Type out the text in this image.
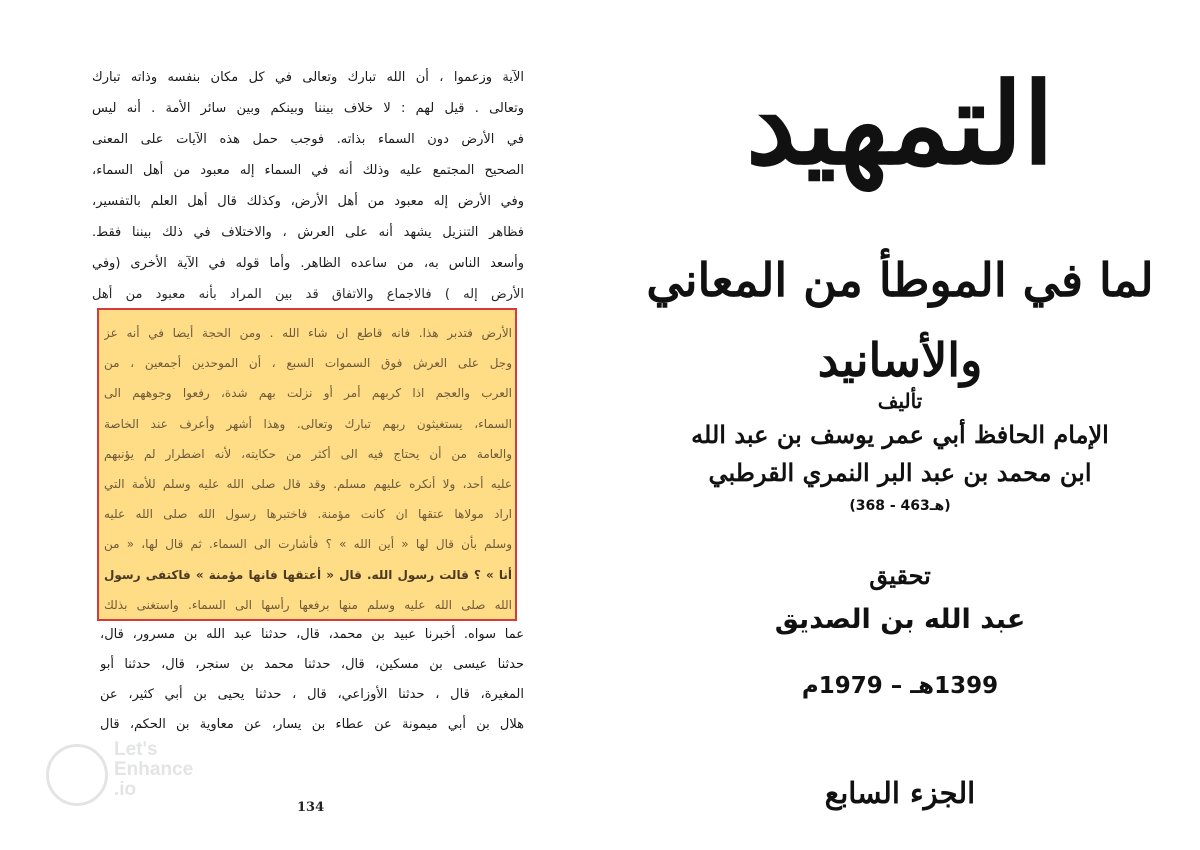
الآية وزعموا ، أن الله تبارك وتعالى في كل مكان بنفسه وذاته تبارك
وتعالى . قيل لهم : لا خلاف بيننا وبينكم وبين سائر الأمة . أنه ليس
في الأرض دون السماء بذاته. فوجب حمل هذه الآيات على المعنى
الصحيح المجتمع عليه وذلك أنه في السماء إله معبود من أهل السماء،
وفي الأرض إله معبود من أهل الأرض، وكذلك قال أهل العلم بالتفسير،
فظاهر التنزيل يشهد أنه على العرش ، والاختلاف في ذلك بيننا فقط.
وأسعد الناس به، من ساعده الظاهر. وأما قوله في الآية الأخرى (وفي
الأرض إله ) فالاجماع والاتفاق قد بين المراد بأنه معبود من أهل
الأرض فتدبر هذا. فانه قاطع ان شاء الله . ومن الحجة أيضا في أنه عز
وجل على العرش فوق السموات السبع ، أن الموحدين أجمعين ، من
العرب والعجم اذا كربهم أمر أو نزلت بهم شدة، رفعوا وجوههم الى
السماء، يستغيثون ربهم تبارك وتعالى. وهذا أشهر وأعرف عند الخاصة
والعامة من أن يحتاج فيه الى أكثر من حكايته، لأنه اضطرار لم يؤنبهم
عليه أحد، ولا أنكره عليهم مسلم. وقد قال صلى الله عليه وسلم للأمة التي
اراد مولاها عتقها ان كانت مؤمنة. فاختبرها رسول الله صلى الله عليه
وسلم بأن قال لها « أين الله » ؟ فأشارت الى السماء. ثم قال لها، « من
أنا » ؟ قالت رسول الله. قال « أعتقها فانها مؤمنة » فاكتفى رسول
الله صلى الله عليه وسلم منها برفعها رأسها الى السماء. واستغنى بذلك
عما سواه. أخبرنا عبيد بن محمد، قال، حدثنا عبد الله بن مسرور، قال،
حدثنا عيسى بن مسكين، قال، حدثنا محمد بن سنجر، قال، حدثنا أبو
المغيرة، قال ، حدثنا الأوزاعي، قال ، حدثنا يحيى بن أبي كثير، عن
هلال بن أبي ميمونة عن عطاء بن يسار، عن معاوية بن الحكم، قال
134
Let's
Enhance
.io
التمهيد
لما في الموطأ من المعاني والأسانيد
تأليف
الإمام الحافظ أبي عمر يوسف بن عبد الله
ابن محمد بن عبد البر النمري القرطبي
(368 - 463هـ)
تحقيق
عبد الله بن الصديق
1399هـ – 1979م
الجزء السابع
